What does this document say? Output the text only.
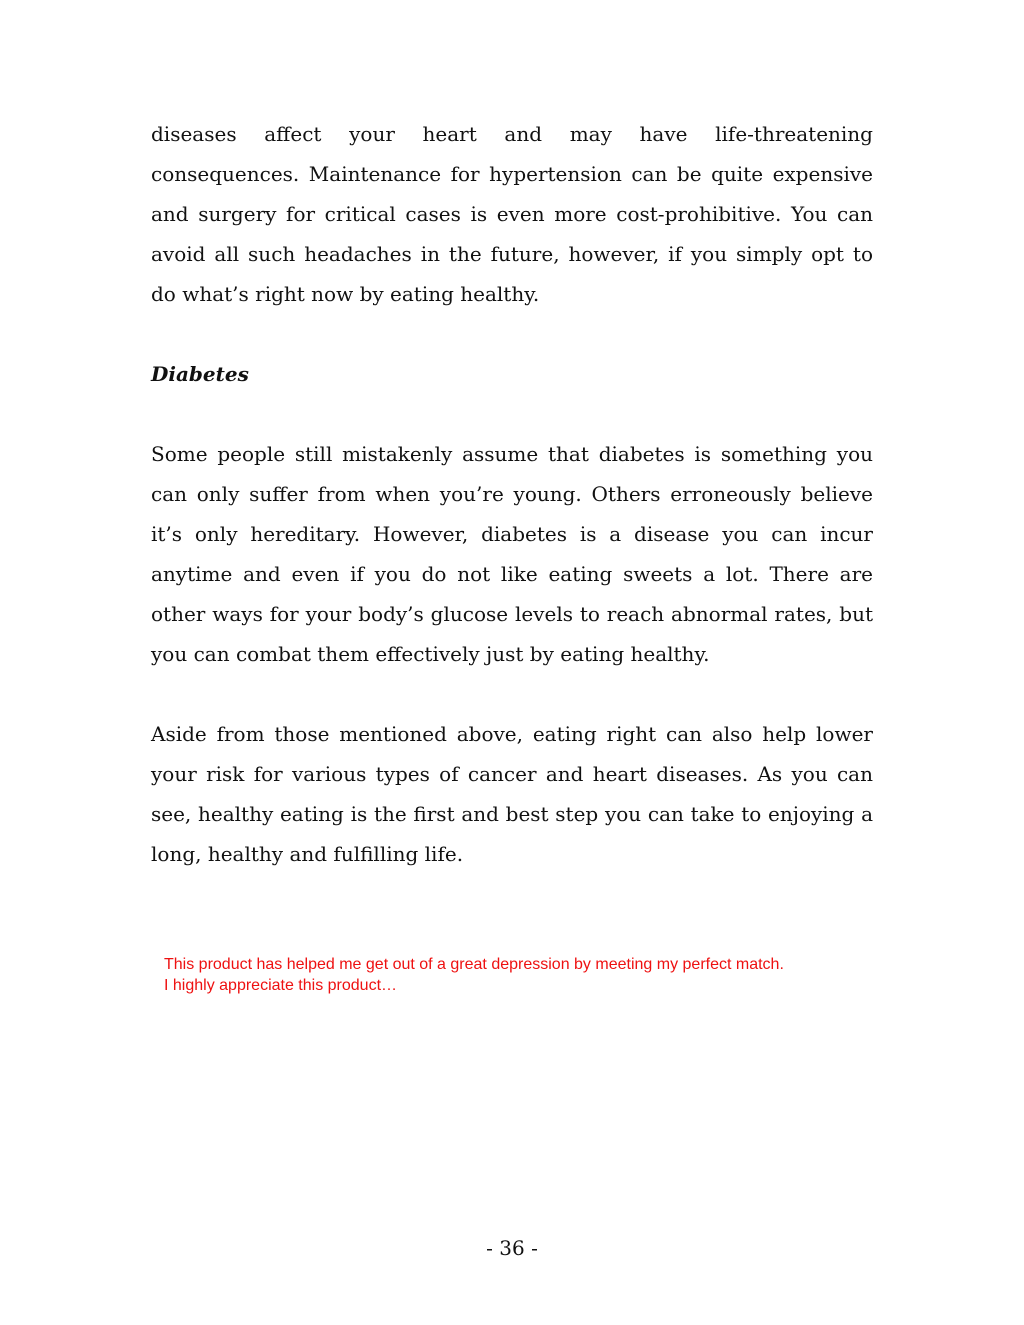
diseases affect your heart and may have life-threatening consequences. Maintenance for hypertension can be quite expensive and surgery for critical cases is even more cost-prohibitive. You can avoid all such headaches in the future, however, if you simply opt to do what’s right now by eating healthy.

Diabetes

Some people still mistakenly assume that diabetes is something you can only suffer from when you’re young. Others erroneously believe it’s only hereditary. However, diabetes is a disease you can incur anytime and even if you do not like eating sweets a lot. There are other ways for your body’s glucose levels to reach abnormal rates, but you can combat them effectively just by eating healthy.

Aside from those mentioned above, eating right can also help lower your risk for various types of cancer and heart diseases. As you can see, healthy eating is the first and best step you can take to enjoying a long, healthy and fulfilling life.

This product has helped me get out of a great depression by meeting my perfect match.
I highly appreciate this product…
- 36 -
